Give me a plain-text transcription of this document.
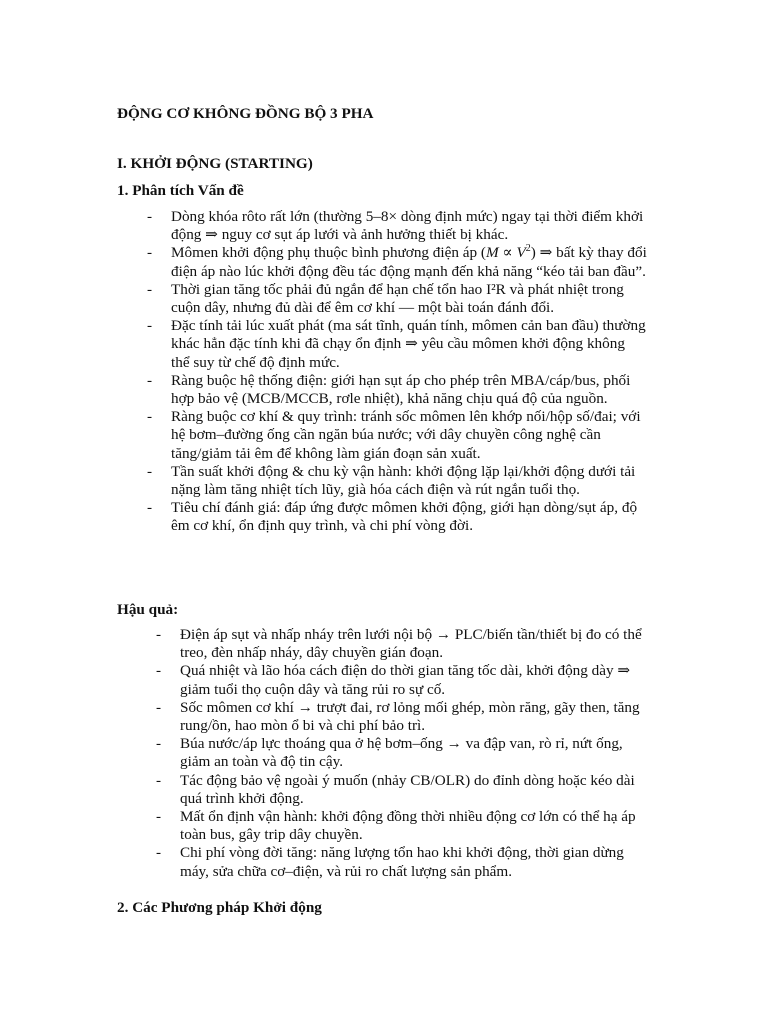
ĐỘNG CƠ KHÔNG ĐỒNG BỘ 3 PHA

I. KHỞI ĐỘNG (STARTING)

1. Phân tích Vấn đề

- Dòng khóa rôto rất lớn (thường 5–8× dòng định mức) ngay tại thời điểm khởi động ⇒ nguy cơ sụt áp lưới và ảnh hưởng thiết bị khác.
- Mômen khởi động phụ thuộc bình phương điện áp $(M \propto V^2)$ ⇒ bất kỳ thay đổi điện áp nào lúc khởi động đều tác động mạnh đến khả năng “kéo tải ban đầu”.
- Thời gian tăng tốc phải đủ ngắn để hạn chế tổn hao I²R và phát nhiệt trong cuộn dây, nhưng đủ dài để êm cơ khí — một bài toán đánh đổi.
- Đặc tính tải lúc xuất phát (ma sát tĩnh, quán tính, mômen cản ban đầu) thường khác hẳn đặc tính khi đã chạy ổn định ⇒ yêu cầu mômen khởi động không thể suy từ chế độ định mức.
- Ràng buộc hệ thống điện: giới hạn sụt áp cho phép trên MBA/cáp/bus, phối hợp bảo vệ (MCB/MCCB, rơle nhiệt), khả năng chịu quá độ của nguồn.
- Ràng buộc cơ khí & quy trình: tránh sốc mômen lên khớp nối/hộp số/đai; với hệ bơm–đường ống cần ngăn búa nước; với dây chuyền công nghệ cần tăng/giảm tải êm để không làm gián đoạn sản xuất.
- Tần suất khởi động & chu kỳ vận hành: khởi động lặp lại/khởi động dưới tải nặng làm tăng nhiệt tích lũy, già hóa cách điện và rút ngắn tuổi thọ.
- Tiêu chí đánh giá: đáp ứng được mômen khởi động, giới hạn dòng/sụt áp, độ êm cơ khí, ổn định quy trình, và chi phí vòng đời.

Hậu quả:

- Điện áp sụt và nhấp nháy trên lưới nội bộ → PLC/biến tần/thiết bị đo có thể treo, đèn nhấp nháy, dây chuyền gián đoạn.
- Quá nhiệt và lão hóa cách điện do thời gian tăng tốc dài, khởi động dày ⇒ giảm tuổi thọ cuộn dây và tăng rủi ro sự cố.
- Sốc mômen cơ khí → trượt đai, rơ lỏng mối ghép, mòn răng, gãy then, tăng rung/ồn, hao mòn ổ bi và chi phí bảo trì.
- Búa nước/áp lực thoáng qua ở hệ bơm–ống → va đập van, rò rỉ, nứt ống, giảm an toàn và độ tin cậy.
- Tác động bảo vệ ngoài ý muốn (nhảy CB/OLR) do đỉnh dòng hoặc kéo dài quá trình khởi động.
- Mất ổn định vận hành: khởi động đồng thời nhiều động cơ lớn có thể hạ áp toàn bus, gây trip dây chuyền.
- Chi phí vòng đời tăng: năng lượng tổn hao khi khởi động, thời gian dừng máy, sửa chữa cơ–điện, và rủi ro chất lượng sản phẩm.

2. Các Phương pháp Khởi động
